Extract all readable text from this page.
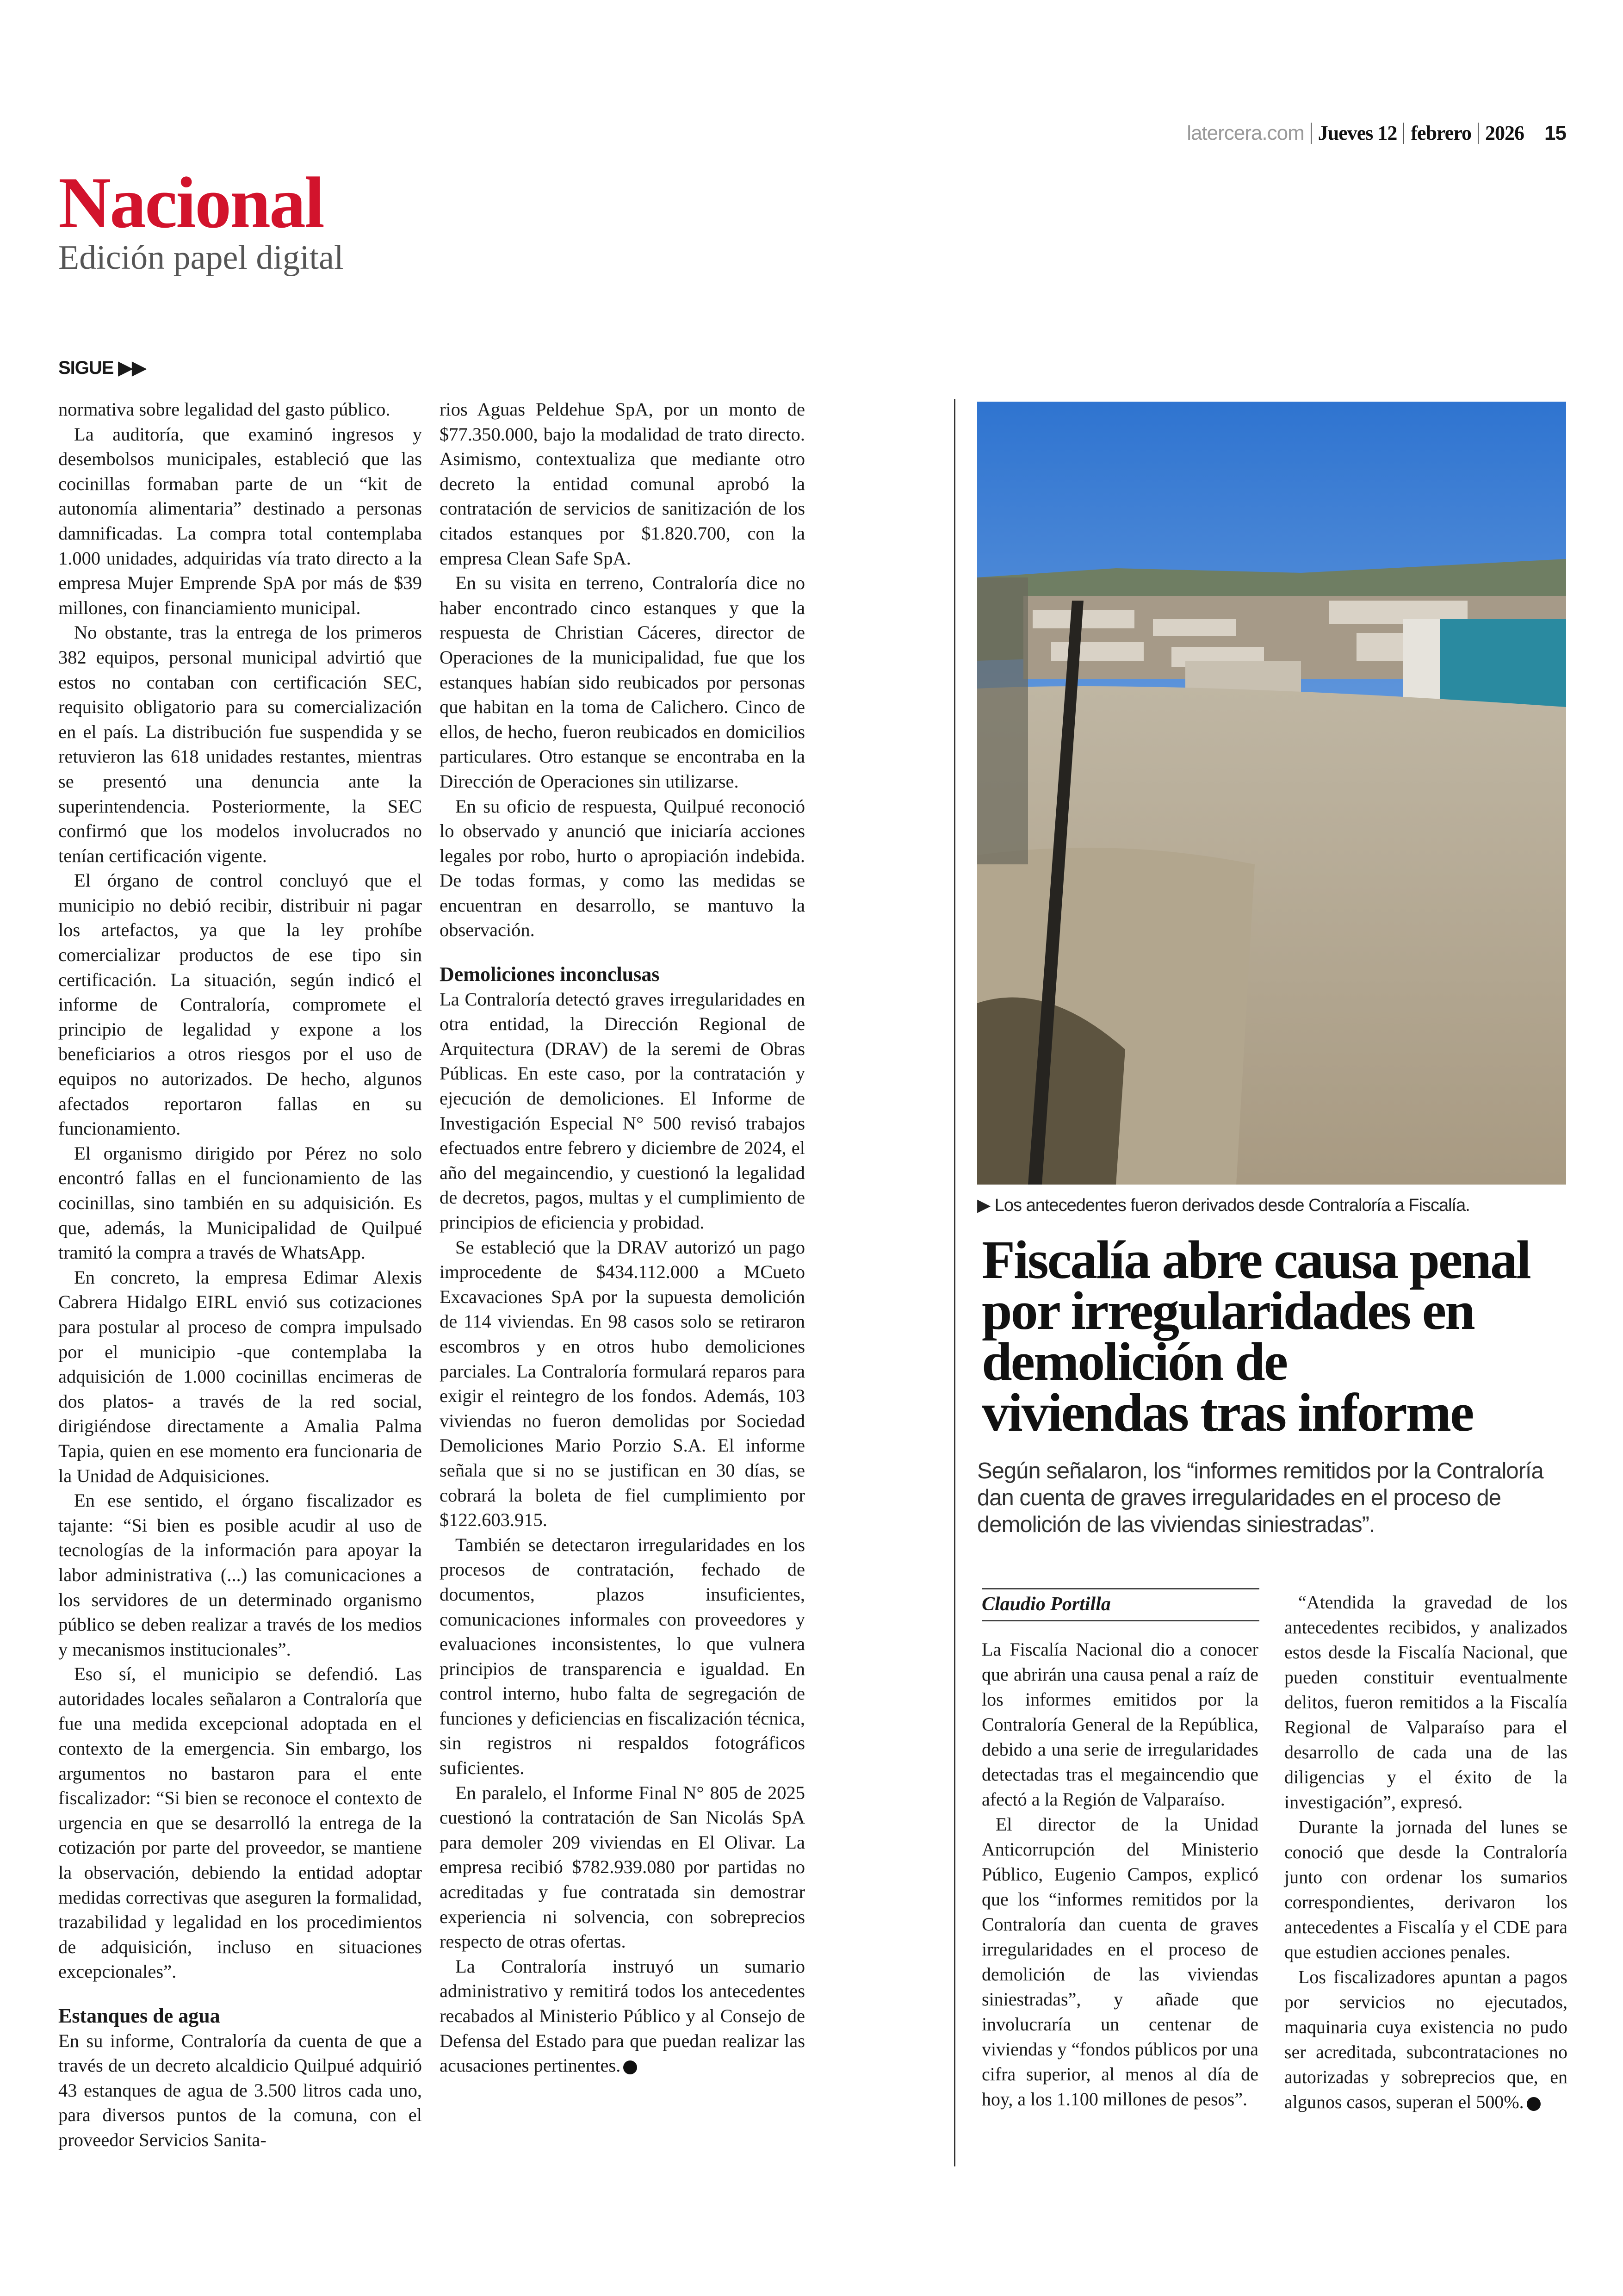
latercera.com Jueves 12 febrero 2026 15
Nacional
Edición papel digital
SIGUE ▶▶

normativa sobre legalidad del gasto público.

La auditoría, que examinó ingresos y desembolsos municipales, estableció que las cocinillas formaban parte de un “kit de autonomía alimentaria” destinado a personas damnificadas. La compra total contemplaba 1.000 unidades, adquiridas vía trato directo a la empresa Mujer Emprende SpA por más de $39 millones, con financiamiento municipal.

No obstante, tras la entrega de los primeros 382 equipos, personal municipal advirtió que estos no contaban con certificación SEC, requisito obligatorio para su comercialización en el país. La distribución fue suspendida y se retuvieron las 618 unidades restantes, mientras se presentó una denuncia ante la superintendencia. Posteriormente, la SEC confirmó que los modelos involucrados no tenían certificación vigente.

El órgano de control concluyó que el municipio no debió recibir, distribuir ni pagar los artefactos, ya que la ley prohíbe comercializar productos de ese tipo sin certificación. La situación, según indicó el informe de Contraloría, compromete el principio de legalidad y expone a los beneficiarios a otros riesgos por el uso de equipos no autorizados. De hecho, algunos afectados reportaron fallas en su funcionamiento.

El organismo dirigido por Pérez no solo encontró fallas en el funcionamiento de las cocinillas, sino también en su adquisición. Es que, además, la Municipalidad de Quilpué tramitó la compra a través de WhatsApp.

En concreto, la empresa Edimar Alexis Cabrera Hidalgo EIRL envió sus cotizaciones para postular al proceso de compra impulsado por el municipio -que contemplaba la adquisición de 1.000 cocinillas encimeras de dos platos- a través de la red social, dirigiéndose directamente a Amalia Palma Tapia, quien en ese momento era funcionaria de la Unidad de Adquisiciones.

En ese sentido, el órgano fiscalizador es tajante: “Si bien es posible acudir al uso de tecnologías de la información para apoyar la labor administrativa (...) las comunicaciones a los servidores de un determinado organismo público se deben realizar a través de los medios y mecanismos institucionales”.

Eso sí, el municipio se defendió. Las autoridades locales señalaron a Contraloría que fue una medida excepcional adoptada en el contexto de la emergencia. Sin embargo, los argumentos no bastaron para el ente fiscalizador: “Si bien se reconoce el contexto de urgencia en que se desarrolló la entrega de la cotización por parte del proveedor, se mantiene la observación, debiendo la entidad adoptar medidas correctivas que aseguren la formalidad, trazabilidad y legalidad en los procedimientos de adquisición, incluso en situaciones excepcionales”.

Estanques de agua

En su informe, Contraloría da cuenta de que a través de un decreto alcaldicio Quilpué adquirió 43 estanques de agua de 3.500 litros cada uno, para diversos puntos de la comuna, con el proveedor Servicios Sanita-

rios Aguas Peldehue SpA, por un monto de $77.350.000, bajo la modalidad de trato directo. Asimismo, contextualiza que mediante otro decreto la entidad comunal aprobó la contratación de servicios de sanitización de los citados estanques por $1.820.700, con la empresa Clean Safe SpA.

En su visita en terreno, Contraloría dice no haber encontrado cinco estanques y que la respuesta de Christian Cáceres, director de Operaciones de la municipalidad, fue que los estanques habían sido reubicados por personas que habitan en la toma de Calichero. Cinco de ellos, de hecho, fueron reubicados en domicilios particulares. Otro estanque se encontraba en la Dirección de Operaciones sin utilizarse.

En su oficio de respuesta, Quilpué reconoció lo observado y anunció que iniciaría acciones legales por robo, hurto o apropiación indebida. De todas formas, y como las medidas se encuentran en desarrollo, se mantuvo la observación.

Demoliciones inconclusas

La Contraloría detectó graves irregularidades en otra entidad, la Dirección Regional de Arquitectura (DRAV) de la seremi de Obras Públicas. En este caso, por la contratación y ejecución de demoliciones. El Informe de Investigación Especial N° 500 revisó trabajos efectuados entre febrero y diciembre de 2024, el año del megaincendio, y cuestionó la legalidad de decretos, pagos, multas y el cumplimiento de principios de eficiencia y probidad.

Se estableció que la DRAV autorizó un pago improcedente de $434.112.000 a MCueto Excavaciones SpA por la supuesta demolición de 114 viviendas. En 98 casos solo se retiraron escombros y en otros hubo demoliciones parciales. La Contraloría formulará reparos para exigir el reintegro de los fondos. Además, 103 viviendas no fueron demolidas por Sociedad Demoliciones Mario Porzio S.A. El informe señala que si no se justifican en 30 días, se cobrará la boleta de fiel cumplimiento por $122.603.915.

También se detectaron irregularidades en los procesos de contratación, fechado de documentos, plazos insuficientes, comunicaciones informales con proveedores y evaluaciones inconsistentes, lo que vulnera principios de transparencia e igualdad. En control interno, hubo falta de segregación de funciones y deficiencias en fiscalización técnica, sin registros ni respaldos fotográficos suficientes.

En paralelo, el Informe Final N° 805 de 2025 cuestionó la contratación de San Nicolás SpA para demoler 209 viviendas en El Olivar. La empresa recibió $782.939.080 por partidas no acreditadas y fue contratada sin demostrar experiencia ni solvencia, con sobreprecios respecto de otras ofertas.

La Contraloría instruyó un sumario administrativo y remitirá todos los antecedentes recabados al Ministerio Público y al Consejo de Defensa del Estado para que puedan realizar las acusaciones pertinentes.

▶ Los antecedentes fueron derivados desde Contraloría a Fiscalía.
Fiscalía abre causa penal
por irregularidades en
demolición de
viviendas tras informe
Según señalaron, los “informes remitidos por la Contraloría dan cuenta de graves irregularidades en el proceso de demolición de las viviendas siniestradas”.
Claudio Portilla

La Fiscalía Nacional dio a conocer que abrirán una causa penal a raíz de los informes emitidos por la Contraloría General de la República, debido a una serie de irregularidades detectadas tras el megaincendio que afectó a la Región de Valparaíso.

El director de la Unidad Anticorrupción del Ministerio Público, Eugenio Campos, explicó que los “informes remitidos por la Contraloría dan cuenta de graves irregularidades en el proceso de demolición de las viviendas siniestradas”, y añade que involucraría un centenar de viviendas y “fondos públicos por una cifra superior, al menos al día de hoy, a los 1.100 millones de pesos”.

“Atendida la gravedad de los antecedentes recibidos, y analizados estos desde la Fiscalía Nacional, que pueden constituir eventualmente delitos, fueron remitidos a la Fiscalía Regional de Valparaíso para el desarrollo de cada una de las diligencias y el éxito de la investigación”, expresó.

Durante la jornada del lunes se conoció que desde la Contraloría junto con ordenar los sumarios correspondientes, derivaron los antecedentes a Fiscalía y el CDE para que estudien acciones penales.

Los fiscalizadores apuntan a pagos por servicios no ejecutados, maquinaria cuya existencia no pudo ser acreditada, subcontrataciones no autorizadas y sobreprecios que, en algunos casos, superan el 500%.
